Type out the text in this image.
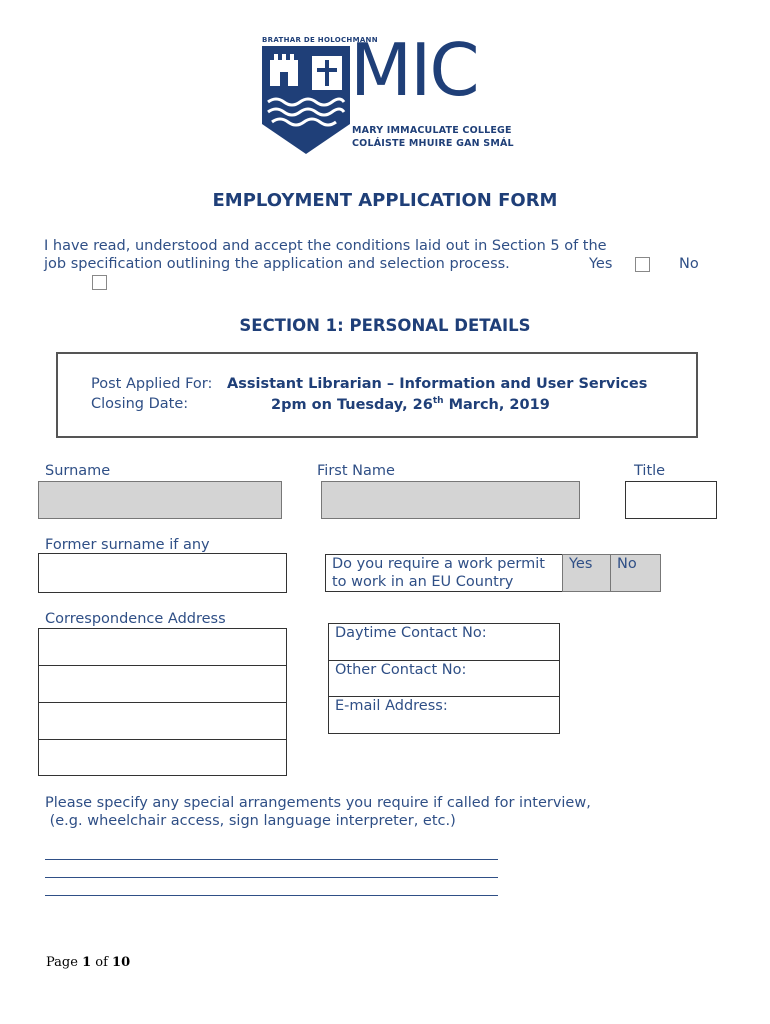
BRATHAR DE HOLOCHMANN
MIC
MARY IMMACULATE COLLEGE
COLÁISTE MHUIRE GAN SMÁL
EMPLOYMENT APPLICATION FORM
I have read, understood and accept the conditions laid out in Section 5 of the
job specification outlining the application and selection process.	Yes	No
SECTION 1: PERSONAL DETAILS
Post Applied For: Assistant Librarian – Information and User Services
Closing Date:	2pm on Tuesday, 26th March, 2019
Surname	First Name	Title
Former surname if any
Do you require a work permit
to work in an EU Country
Yes No
Correspondence Address
Daytime Contact No:
Other Contact No:
E-mail Address:
Please specify any special arrangements you require if called for interview,
(e.g. wheelchair access, sign language interpreter, etc.)
Page 1 of 10
